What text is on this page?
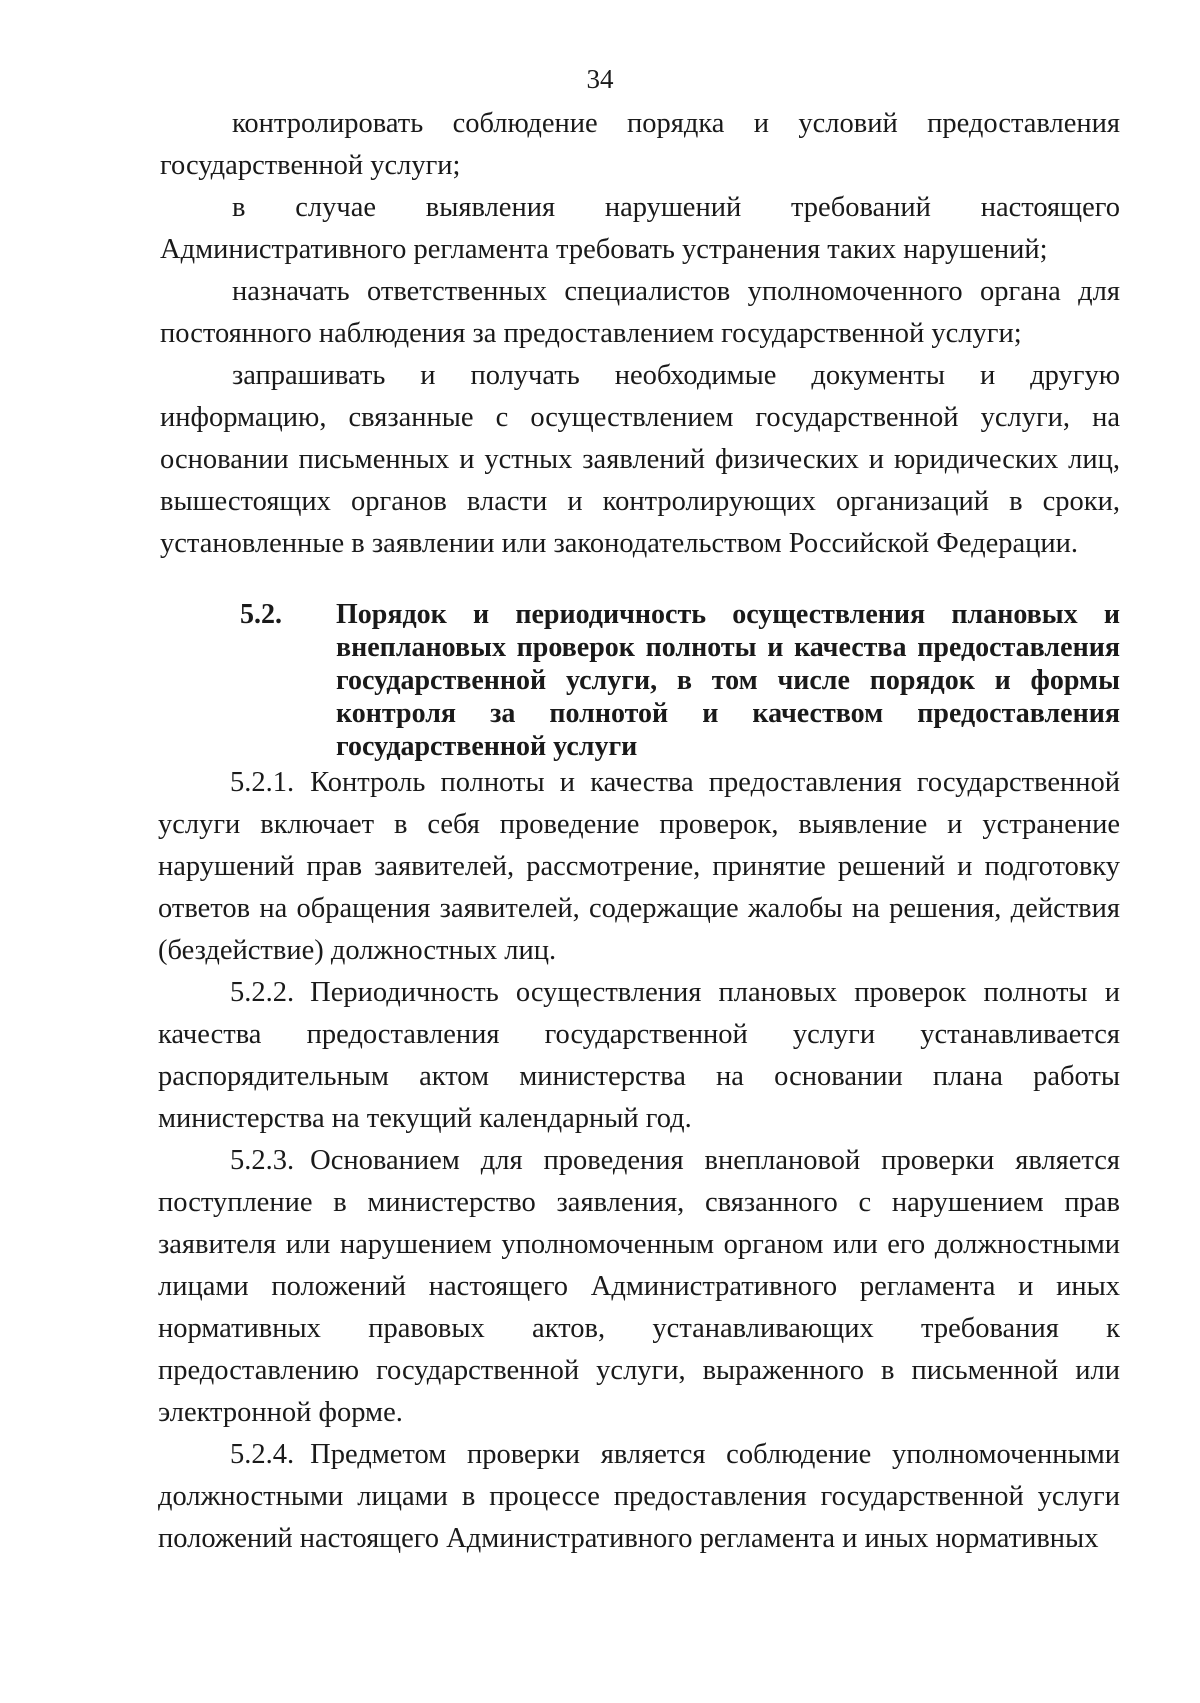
34

контролировать соблюдение порядка и условий предоставления государственной услуги;

в случае выявления нарушений требований настоящего Административного регламента требовать устранения таких нарушений;

назначать ответственных специалистов уполномоченного органа для постоянного наблюдения за предоставлением государственной услуги;

запрашивать и получать необходимые документы и другую информацию, связанные с осуществлением государственной услуги, на основании письменных и устных заявлений физических и юридических лиц, вышестоящих органов власти и контролирующих организаций в сроки, установленные в заявлении или законодательством Российской Федерации.

5.2.	Порядок и периодичность осуществления плановых и внеплановых проверок полноты и качества предоставления государственной услуги, в том числе порядок и формы контроля за полнотой и качеством предоставления государственной услуги

5.2.1. Контроль полноты и качества предоставления государственной услуги включает в себя проведение проверок, выявление и устранение нарушений прав заявителей, рассмотрение, принятие решений и подготовку ответов на обращения заявителей, содержащие жалобы на решения, действия (бездействие) должностных лиц.

5.2.2. Периодичность осуществления плановых проверок полноты и качества предоставления государственной услуги устанавливается распорядительным актом министерства на основании плана работы министерства на текущий календарный год.

5.2.3. Основанием для проведения внеплановой проверки является поступление в министерство заявления, связанного с нарушением прав заявителя или нарушением уполномоченным органом или его должностными лицами положений настоящего Административного регламента и иных нормативных правовых актов, устанавливающих требования к предоставлению государственной услуги, выраженного в письменной или электронной форме.

5.2.4. Предметом проверки является соблюдение уполномоченными должностными лицами в процессе предоставления государственной услуги положений настоящего Административного регламента и иных нормативных
